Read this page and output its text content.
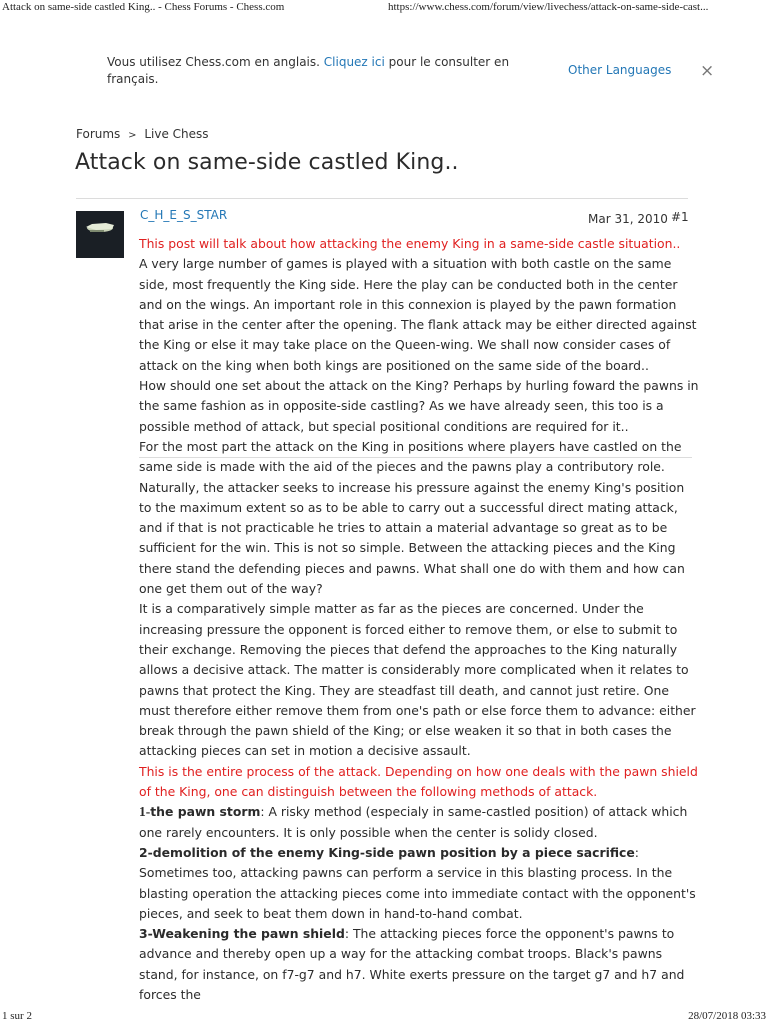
Attack on same-side castled King.. - Chess Forums - Chess.com	https://www.chess.com/forum/view/livechess/attack-on-same-side-cast...
Vous utilisez Chess.com en anglais. Cliquez ici pour le consulter en français.
Other Languages ×
Forums > Live Chess
Attack on same-side castled King..
C_H_E_S_STAR	Mar 31, 2010 #1

This post will talk about how attacking the enemy King in a same-side castle situation..

A very large number of games is played with a situation with both castle on the same side, most frequently the King side. Here the play can be conducted both in the center and on the wings. An important role in this connexion is played by the pawn formation that arise in the center after the opening. The flank attack may be either directed against the King or else it may take place on the Queen-wing. We shall now consider cases of attack on the king when both kings are positioned on the same side of the board..

How should one set about the attack on the King? Perhaps by hurling foward the pawns in the same fashion as in opposite-side castling? As we have already seen, this too is a possible method of attack, but special positional conditions are required for it..

For the most part the attack on the King in positions where players have castled on the same side is made with the aid of the pieces and the pawns play a contributory role.

Naturally, the attacker seeks to increase his pressure against the enemy King's position to the maximum extent so as to be able to carry out a successful direct mating attack, and if that is not practicable he tries to attain a material advantage so great as to be sufficient for the win. This is not so simple. Between the attacking pieces and the King there stand the defending pieces and pawns. What shall one do with them and how can one get them out of the way?

It is a comparatively simple matter as far as the pieces are concerned. Under the increasing pressure the opponent is forced either to remove them, or else to submit to their exchange. Removing the pieces that defend the approaches to the King naturally allows a decisive attack. The matter is considerably more complicated when it relates to pawns that protect the King. They are steadfast till death, and cannot just retire. One must therefore either remove them from one's path or else force them to advance: either break through the pawn shield of the King; or else weaken it so that in both cases the attacking pieces can set in motion a decisive assault.

This is the entire process of the attack. Depending on how one deals with the pawn shield of the King, one can distinguish between the following methods of attack.

1-the pawn storm: A risky method (especialy in same-castled position) of attack which one rarely encounters. It is only possible when the center is solidy closed.

2-demolition of the enemy King-side pawn position by a piece sacrifice: Sometimes too, attacking pawns can perform a service in this blasting process. In the blasting operation the attacking pieces come into immediate contact with the opponent's pieces, and seek to beat them down in hand-to-hand combat.

3-Weakening the pawn shield: The attacking pieces force the opponent's pawns to advance and thereby open up a way for the attacking combat troops. Black's pawns stand, for instance, on f7-g7 and h7. White exerts pressure on the target g7 and h7 and forces the

1 sur 2	28/07/2018 03:33
